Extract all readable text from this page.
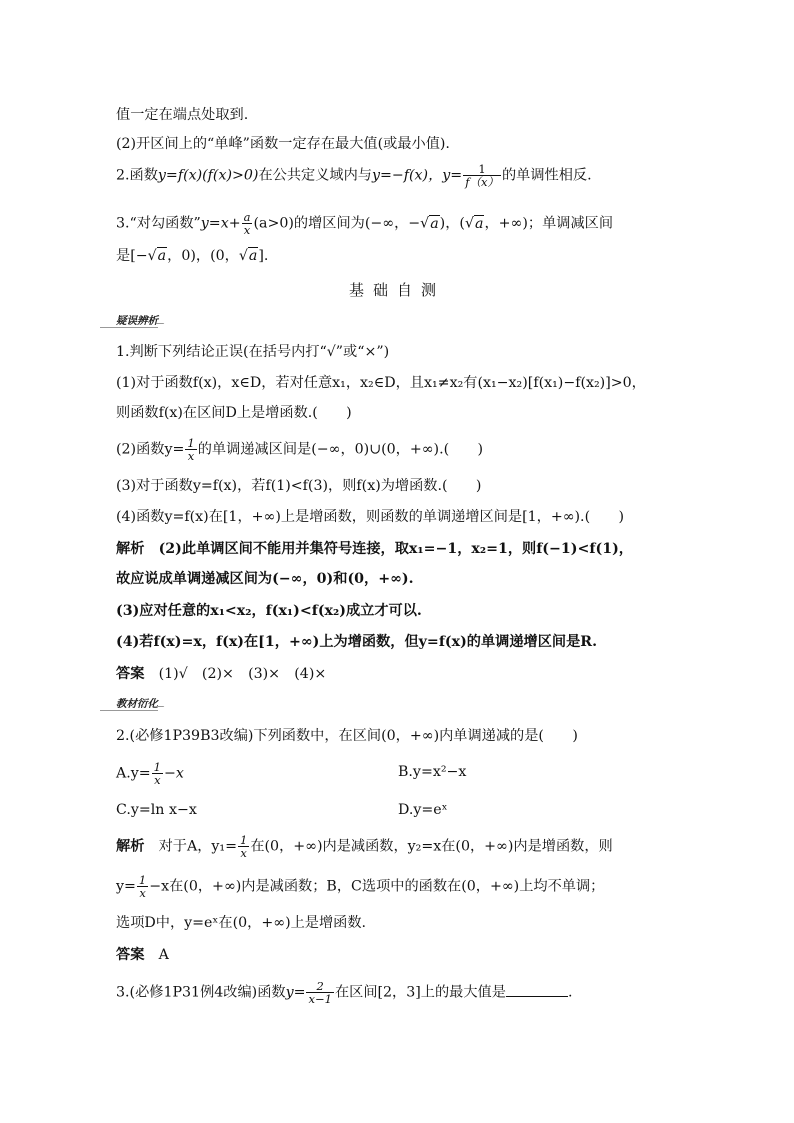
值一定在端点处取到.
(2)开区间上的“单峰”函数一定存在最大值(或最小值).
2.函数y=f(x)(f(x)>0)在公共定义域内与y=−f(x)，$y= \frac{1}{f(x)}$ 的单调性相反.
3.“对勾函数”y=x+ $\frac{a}{x} (a>0)$的增区间为(−∞，−√a)，(√a，+∞)；单调减区间
是[−√a，0)，(0，√a].
基础自测
疑误辨析
1.判断下列结论正误(在括号内打“√”或“×”)
(1)对于函数f(x)，x∈D，若对任意x₁，x₂∈D，且x₁≠x₂有(x₁−x₂)[f(x₁)−f(x₂)]>0，
则函数f(x)在区间D上是增函数.(　　)
(2)函数$y= \frac{1}{x}$ 的单调递减区间是(−∞，0)∪(0，+∞).(　　)
(3)对于函数y=f(x)，若f(1)<f(3)，则f(x)为增函数.(　　)
(4)函数y=f(x)在[1，+∞)上是增函数，则函数的单调递增区间是[1，+∞).(　　)
解析　 (2)此单调区间不能用并集符号连接，取x₁=−1，x₂=1，则f(−1)<f(1)，
故应说成单调递减区间为(−∞，0)和(0，+∞).
(3)应对任意的x₁<x₂，f(x₁)<f(x₂)成立才可以.
(4)若f(x)=x，f(x)在[1，+∞)上为增函数，但y=f(x)的单调递增区间是R.
答案　 (1)√　(2)×　(3)×　(4)×
教材衍化
2.(必修1P39B3改编)下列函数中，在区间(0，+∞)内单调递减的是(　　)
$A.y= \frac{1}{x} -x$	B.y=x²−x
C.y=ln x−x	D.y=eˣ
解析　 对于A，$y_1= \frac{1}{x}$ 在(0，+∞)内是减函数，y₂=x在(0，+∞)内是增函数，则
$y= \frac{1}{x} -x$在(0，+∞)内是减函数；B，C选项中的函数在(0，+∞)上均不单调；
选项D中，y=eˣ在(0，+∞)上是增函数.
答案　 A
3.(必修1P31例4改编)函数$y= \frac{2}{x-1}$ 在区间[2，3]上的最大值是	.
